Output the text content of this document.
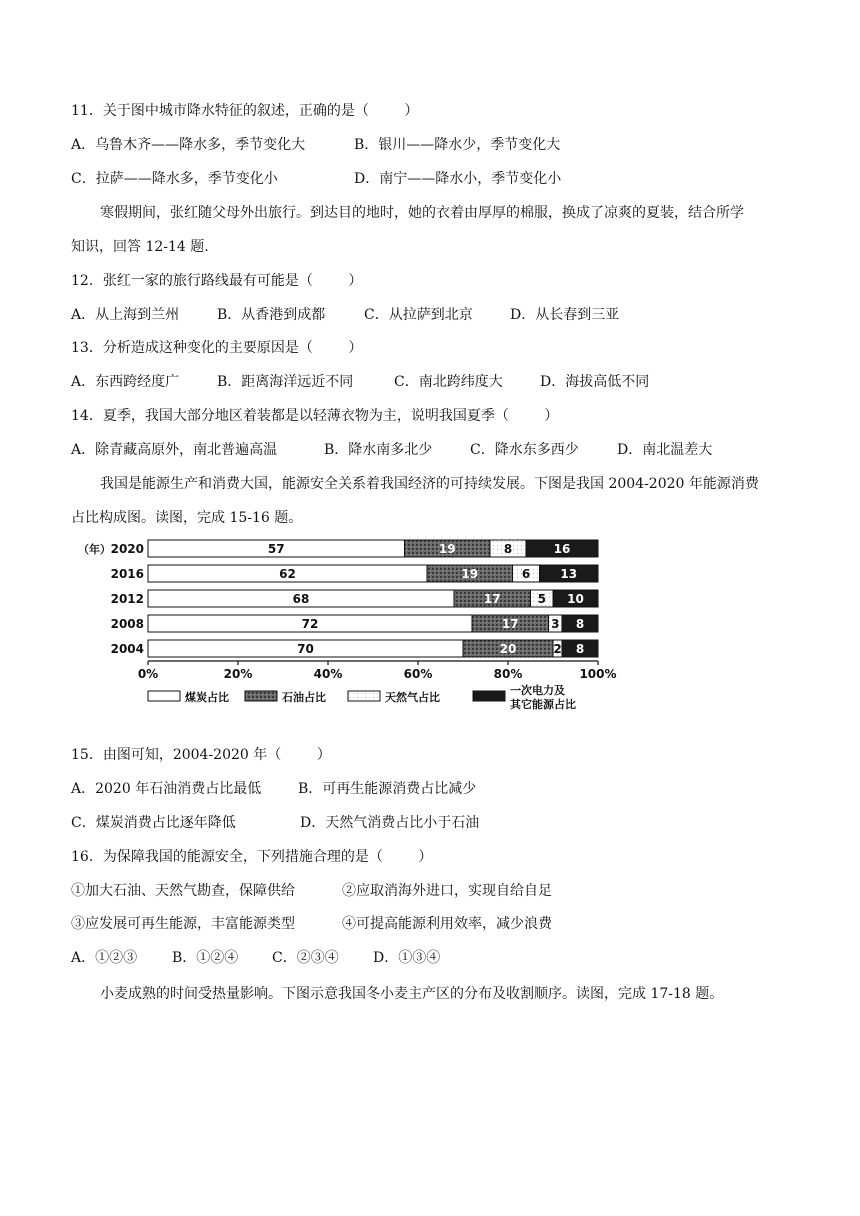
11．关于图中城市降水特征的叙述，正确的是（        ）
A．乌鲁木齐——降水多，季节变化大	B．银川——降水少，季节变化大
C．拉萨——降水多，季节变化小	D．南宁——降水小，季节变化小
寒假期间，张红随父母外出旅行。到达目的地时，她的衣着由厚厚的棉服，换成了凉爽的夏装，结合所学
知识，回答 12-14 题.
12．张红一家的旅行路线最有可能是（        ）
A．从上海到兰州	B．从香港到成都	C．从拉萨到北京	D．从长春到三亚
13．分析造成这种变化的主要原因是（        ）
A．东西跨经度广	B．距离海洋远近不同	C．南北跨纬度大	D．海拔高低不同
14．夏季，我国大部分地区着装都是以轻薄衣物为主，说明我国夏季（        ）
A．除青藏高原外，南北普遍高温	B．降水南多北少	C．降水东多西少	D．南北温差大
我国是能源生产和消费大国，能源安全关系着我国经济的可持续发展。下图是我国 2004-2020 年能源消费
占比构成图。读图，完成 15-16 题。
（年） 2020	57	19	8	16
2016	62	19	6	13
2012	68	17	5 10
2008	72	17	3 8
2004	70	20	2 8
0%	20%	40%	60%	80%	100%
煤炭占比	石油占比	天然气占比
一次电力及
其它能源占比
15．由图可知，2004-2020 年（        ）
A．2020 年石油消费占比最低	B．可再生能源消费占比减少
C．煤炭消费占比逐年降低	D．天然气消费占比小于石油
16．为保障我国的能源安全，下列措施合理的是（        ）
①加大石油、天然气勘查，保障供给	②应取消海外进口，实现自给自足
③应发展可再生能源，丰富能源类型	④可提高能源利用效率，减少浪费
A．①②③ B．①②④ C．②③④ D．①③④
小麦成熟的时间受热量影响。下图示意我国冬小麦主产区的分布及收割顺序。读图，完成 17-18 题。
